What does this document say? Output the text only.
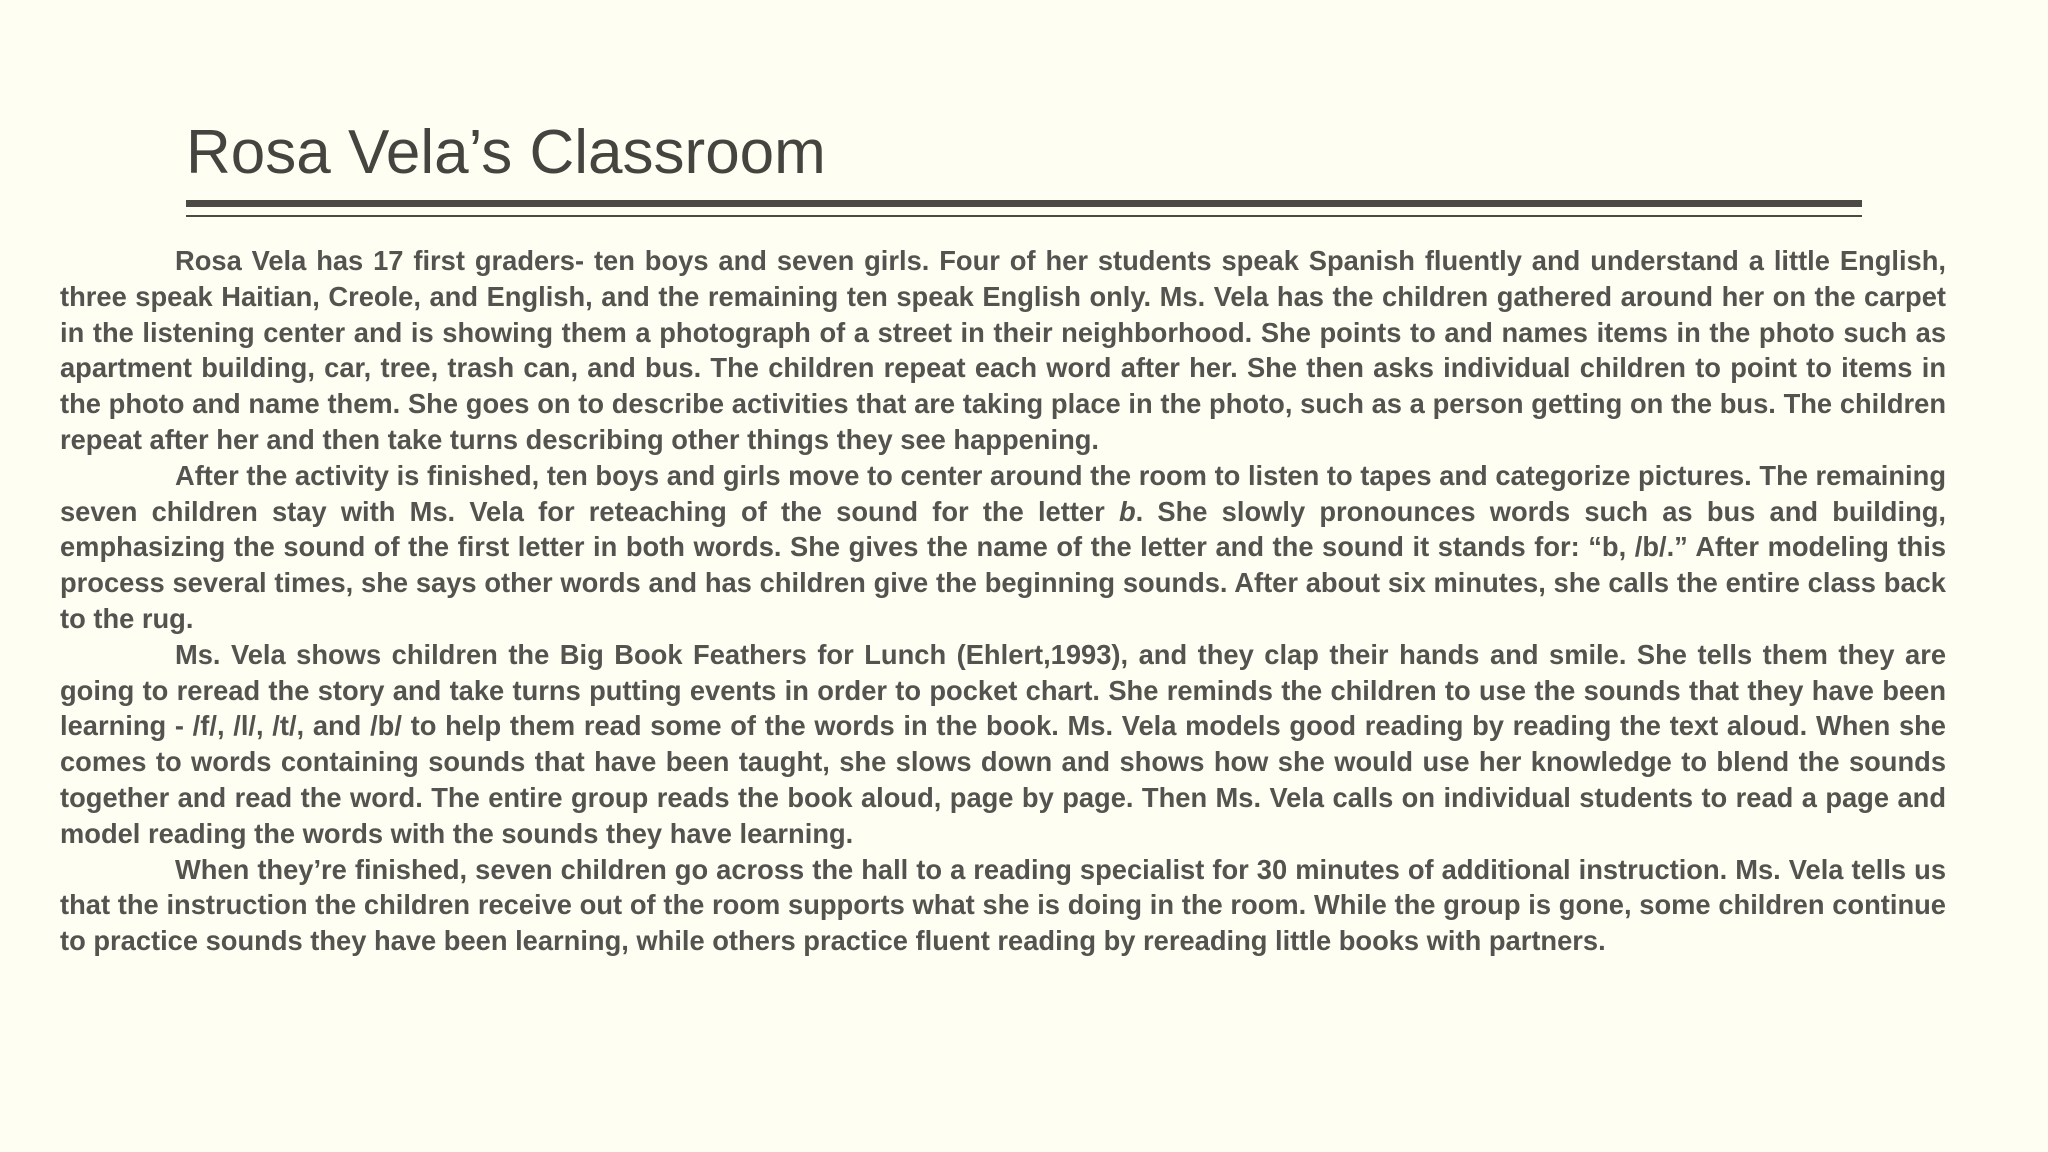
Rosa Vela’s Classroom

Rosa Vela has 17 first graders- ten boys and seven girls. Four of her students speak Spanish fluently and understand a little English, three speak Haitian, Creole, and English, and the remaining ten speak English only. Ms. Vela has the children gathered around her on the carpet in the listening center and is showing them a photograph of a street in their neighborhood. She points to and names items in the photo such as apartment building, car, tree, trash can, and bus. The children repeat each word after her. She then asks individual children to point to items in the photo and name them. She goes on to describe activities that are taking place in the photo, such as a person getting on the bus. The children repeat after her and then take turns describing other things they see happening.

After the activity is finished, ten boys and girls move to center around the room to listen to tapes and categorize pictures. The remaining seven children stay with Ms. Vela for reteaching of the sound for the letter b. She slowly pronounces words such as bus and building, emphasizing the sound of the first letter in both words. She gives the name of the letter and the sound it stands for: “b, /b/.” After modeling this process several times, she says other words and has children give the beginning sounds. After about six minutes, she calls the entire class back to the rug.

Ms. Vela shows children the Big Book Feathers for Lunch (Ehlert,1993), and they clap their hands and smile. She tells them they are going to reread the story and take turns putting events in order to pocket chart. She reminds the children to use the sounds that they have been learning - /f/, /l/, /t/, and /b/ to help them read some of the words in the book. Ms. Vela models good reading by reading the text aloud. When she comes to words containing sounds that have been taught, she slows down and shows how she would use her knowledge to blend the sounds together and read the word. The entire group reads the book aloud, page by page. Then Ms. Vela calls on individual students to read a page and model reading the words with the sounds they have learning.

When they’re finished, seven children go across the hall to a reading specialist for 30 minutes of additional instruction. Ms. Vela tells us that the instruction the children receive out of the room supports what she is doing in the room. While the group is gone, some children continue to practice sounds they have been learning, while others practice fluent reading by rereading little books with partners.
